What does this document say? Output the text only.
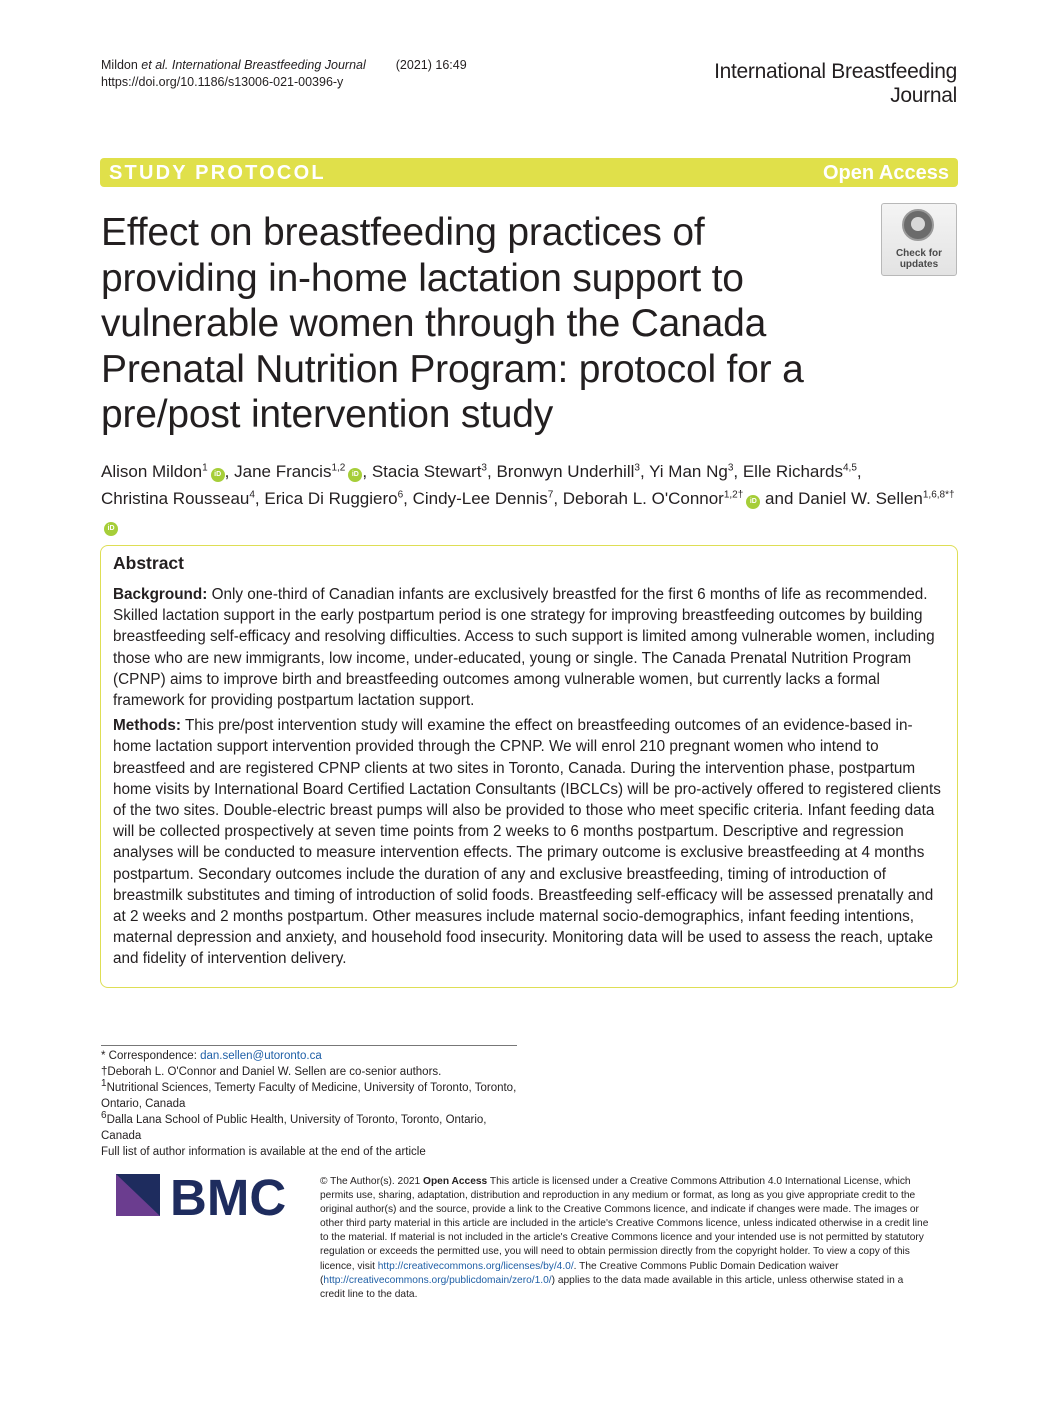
Mildon et al. International Breastfeeding Journal (2021) 16:49
https://doi.org/10.1186/s13006-021-00396-y	International Breastfeeding
Journal
STUDY PROTOCOL	Open Access
Check for
updates
Effect on breastfeeding practices of
providing in-home lactation support to
vulnerable women through the Canada
Prenatal Nutrition Program: protocol for a
pre/post intervention study
Alison Mildon$^1$iD , Jane Francis$^{1,2}$iD , Stacia Stewart$^3$, Bronwyn Underhill$^3$, Yi Man Ng$^3$, Elle Richards$^{4,5}$,
Christina Rousseau$^4$, Erica Di Ruggiero$^6$, Cindy-Lee Dennis$^7$, Deborah L. O'Connor$^{1,2\dagger}$iD and Daniel W. Sellen$^{1,6,8*\dagger}$iD
Abstract

Background: Only one-third of Canadian infants are exclusively breastfed for the first 6 months of life as recommended. Skilled lactation support in the early postpartum period is one strategy for improving breastfeeding outcomes by building breastfeeding self-efficacy and resolving difficulties. Access to such support is limited among vulnerable women, including those who are new immigrants, low income, under-educated, young or single. The Canada Prenatal Nutrition Program (CPNP) aims to improve birth and breastfeeding outcomes among vulnerable women, but currently lacks a formal framework for providing postpartum lactation support.

Methods: This pre/post intervention study will examine the effect on breastfeeding outcomes of an evidence-based in-home lactation support intervention provided through the CPNP. We will enrol 210 pregnant women who intend to breastfeed and are registered CPNP clients at two sites in Toronto, Canada. During the intervention phase, postpartum home visits by International Board Certified Lactation Consultants (IBCLCs) will be pro-actively offered to registered clients of the two sites. Double-electric breast pumps will also be provided to those who meet specific criteria. Infant feeding data will be collected prospectively at seven time points from 2 weeks to 6 months postpartum. Descriptive and regression analyses will be conducted to measure intervention effects. The primary outcome is exclusive breastfeeding at 4 months postpartum. Secondary outcomes include the duration of any and exclusive breastfeeding, timing of introduction of breastmilk substitutes and timing of introduction of solid foods. Breastfeeding self-efficacy will be assessed prenatally and at 2 weeks and 2 months postpartum. Other measures include maternal socio-demographics, infant feeding intentions, maternal depression and anxiety, and household food insecurity. Monitoring data will be used to assess the reach, uptake and fidelity of intervention delivery.

* Correspondence: dan.sellen@utoronto.ca
†Deborah L. O'Connor and Daniel W. Sellen are co-senior authors.
$^1$Nutritional Sciences, Temerty Faculty of Medicine, University of Toronto, Toronto, Ontario, Canada
$^6$Dalla Lana School of Public Health, University of Toronto, Toronto, Ontario, Canada
Full list of author information is available at the end of the article
BMC	© The Author(s). 2021 Open Access This article is licensed under a Creative Commons Attribution 4.0 International License, which permits use, sharing, adaptation, distribution and reproduction in any medium or format, as long as you give appropriate credit to the original author(s) and the source, provide a link to the Creative Commons licence, and indicate if changes were made. The images or other third party material in this article are included in the article's Creative Commons licence, unless indicated otherwise in a credit line to the material. If material is not included in the article's Creative Commons licence and your intended use is not permitted by statutory regulation or exceeds the permitted use, you will need to obtain permission directly from the copyright holder. To view a copy of this licence, visit http://creativecommons.org/licenses/by/4.0/. The Creative Commons Public Domain Dedication waiver (http://creativecommons.org/publicdomain/zero/1.0/) applies to the data made available in this article, unless otherwise stated in a credit line to the data.
